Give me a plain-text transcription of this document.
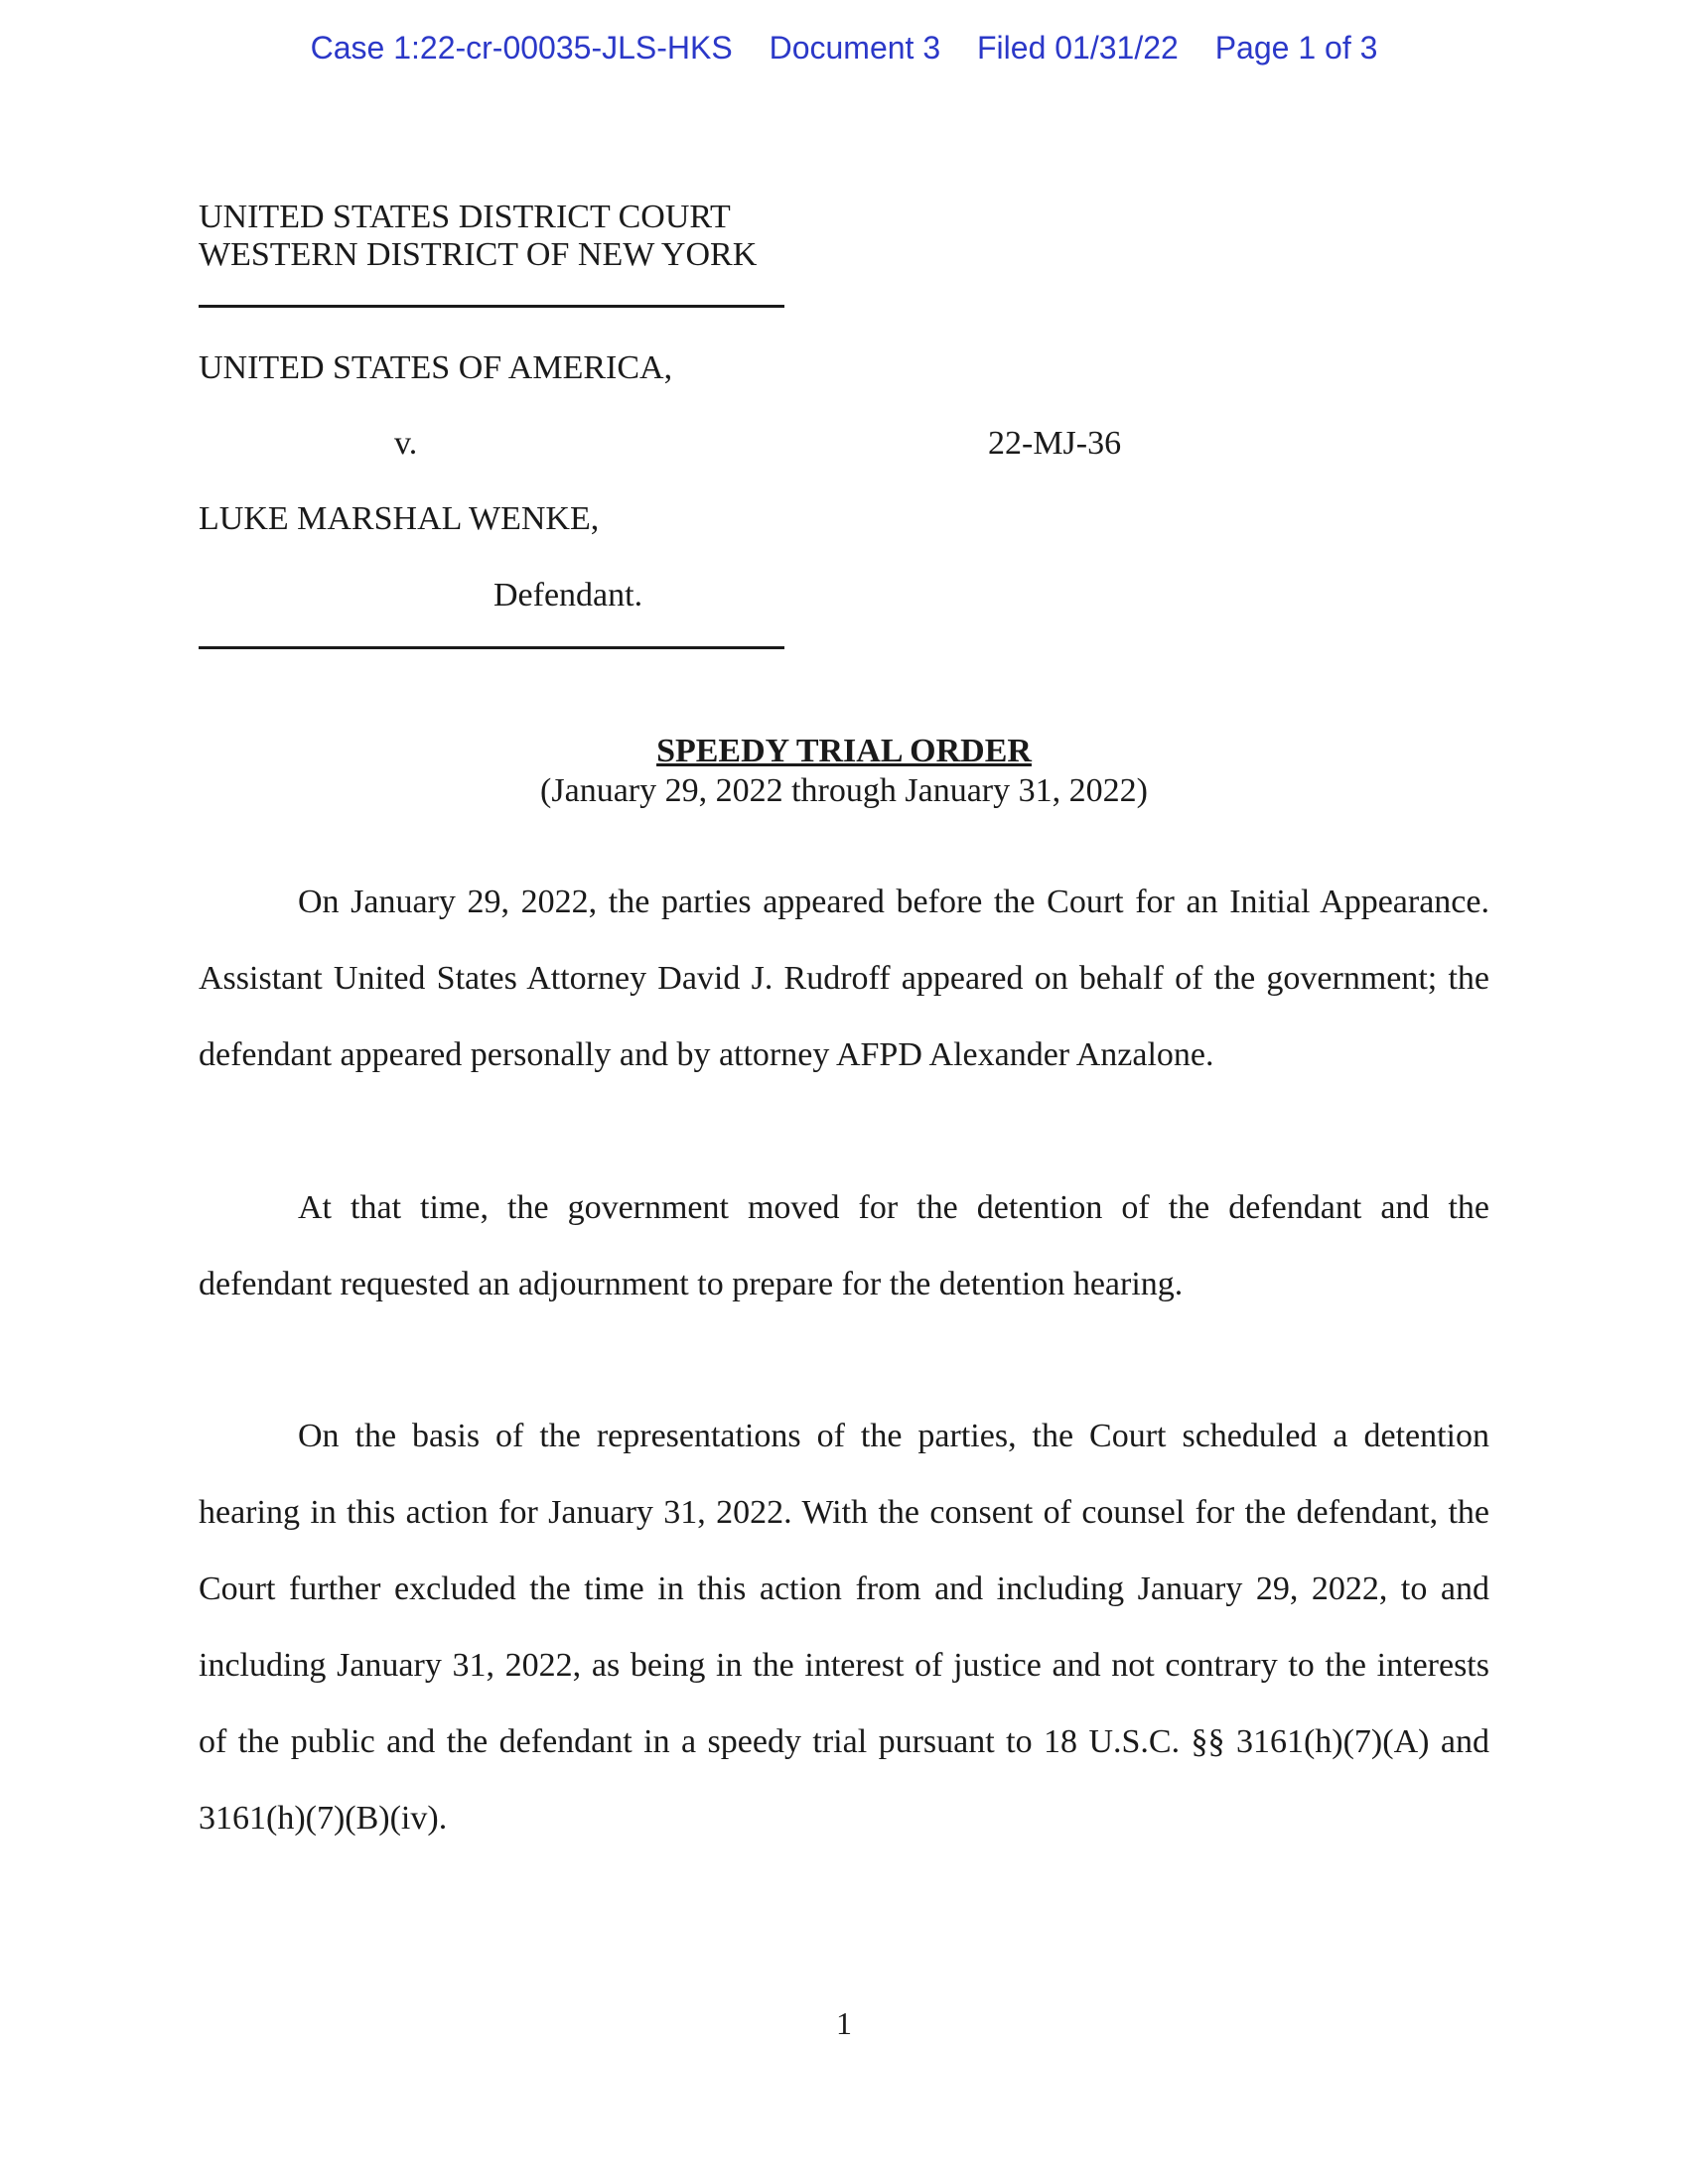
Case 1:22-cr-00035-JLS-HKS Document 3 Filed 01/31/22 Page 1 of 3
UNITED STATES DISTRICT COURT
WESTERN DISTRICT OF NEW YORK
UNITED STATES OF AMERICA,
v.	22-MJ-36
LUKE MARSHAL WENKE,
Defendant.
SPEEDY TRIAL ORDER
(January 29, 2022 through January 31, 2022)

On January 29, 2022, the parties appeared before the Court for an Initial Appearance. Assistant United States Attorney David J. Rudroff appeared on behalf of the government; the defendant appeared personally and by attorney AFPD Alexander Anzalone.

At that time, the government moved for the detention of the defendant and the defendant requested an adjournment to prepare for the detention hearing.

On the basis of the representations of the parties, the Court scheduled a detention hearing in this action for January 31, 2022. With the consent of counsel for the defendant, the Court further excluded the time in this action from and including January 29, 2022, to and including January 31, 2022, as being in the interest of justice and not contrary to the interests of the public and the defendant in a speedy trial pursuant to 18 U.S.C. §§ 3161(h)(7)(A) and 3161(h)(7)(B)(iv).

1
